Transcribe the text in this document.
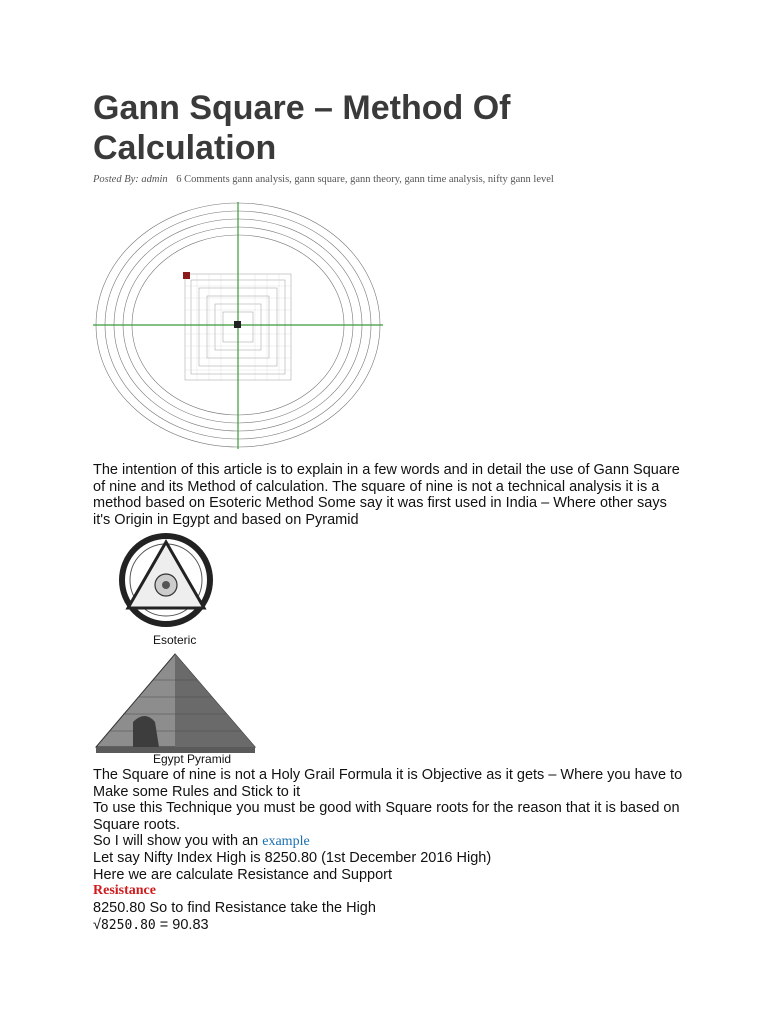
Gann Square – Method Of Calculation
Posted By: admin 6 Comments gann analysis, gann square, gann theory, gann time analysis, nifty gann level

The intention of this article is to explain in a few words and in detail the use of Gann Square of nine and its Method of calculation. The square of nine is not a technical analysis it is a method based on Esoteric Method Some say it was first used in India – Where other says it's Origin in Egypt and based on Pyramid

Esoteric
Egypt Pyramid

The Square of nine is not a Holy Grail Formula it is Objective as it gets – Where you have to Make some Rules and Stick to it

To use this Technique you must be good with Square roots for the reason that it is based on Square roots.

So I will show you with an example
Let say Nifty Index High is 8250.80 (1st December 2016 High)
Here we are calculate Resistance and Support
Resistance
8250.80 So to find Resistance take the High
√8250.80 = 90.83
